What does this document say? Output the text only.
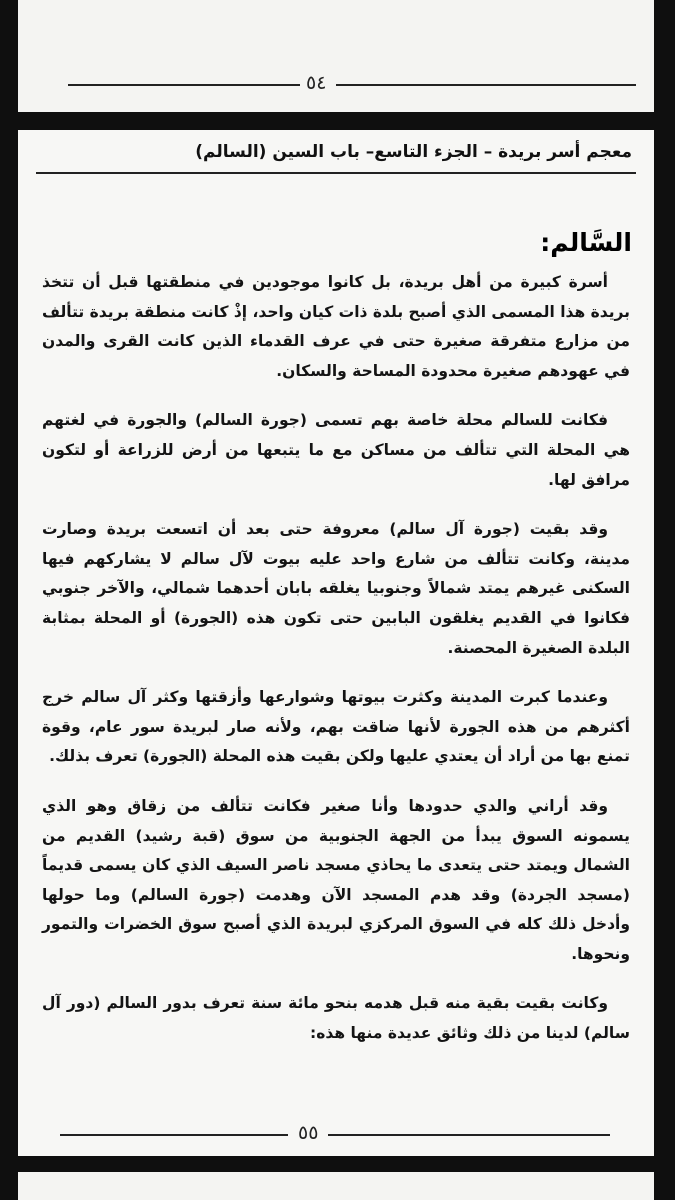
٥٤
معجم أسر بريدة – الجزء التاسع– باب السين (السالم)
السَّالم:

أسرة كبيرة من أهل بريدة، بل كانوا موجودين في منطقتها قبل أن تتخذ بريدة هذا المسمى الذي أصبح بلدة ذات كيان واحد، إذْ كانت منطقة بريدة تتألف من مزارع متفرقة صغيرة حتى في عرف القدماء الذين كانت القرى والمدن في عهودهم صغيرة محدودة المساحة والسكان.

فكانت للسالم محلة خاصة بهم تسمى (جورة السالم) والجورة في لغتهم هي المحلة التي تتألف من مساكن مع ما يتبعها من أرض للزراعة أو لتكون مرافق لها.

وقد بقيت (جورة آل سالم) معروفة حتى بعد أن اتسعت بريدة وصارت مدينة، وكانت تتألف من شارع واحد عليه بيوت لآل سالم لا يشاركهم فيها السكنى غيرهم يمتد شمالاً وجنوبيا يغلقه بابان أحدهما شمالي، والآخر جنوبي فكانوا في القديم يغلقون البابين حتى تكون هذه (الجورة) أو المحلة بمثابة البلدة الصغيرة المحصنة.

وعندما كبرت المدينة وكثرت بيوتها وشوارعها وأزقتها وكثر آل سالم خرج أكثرهم من هذه الجورة لأنها ضاقت بهم، ولأنه صار لبريدة سور عام، وقوة تمنع بها من أراد أن يعتدي عليها ولكن بقيت هذه المحلة (الجورة) تعرف بذلك.

وقد أراني والدي حدودها وأنا صغير فكانت تتألف من زقاق وهو الذي يسمونه السوق يبدأ من الجهة الجنوبية من سوق (قبة رشيد) القديم من الشمال ويمتد حتى يتعدى ما يحاذي مسجد ناصر السيف الذي كان يسمى قديماً (مسجد الجردة) وقد هدم المسجد الآن وهدمت (جورة السالم) وما حولها وأدخل ذلك كله في السوق المركزي لبريدة الذي أصبح سوق الخضرات والتمور ونحوها.

وكانت بقيت بقية منه قبل هدمه بنحو مائة سنة تعرف بدور السالم (دور آل سالم) لدينا من ذلك وثائق عديدة منها هذه:

٥٥
